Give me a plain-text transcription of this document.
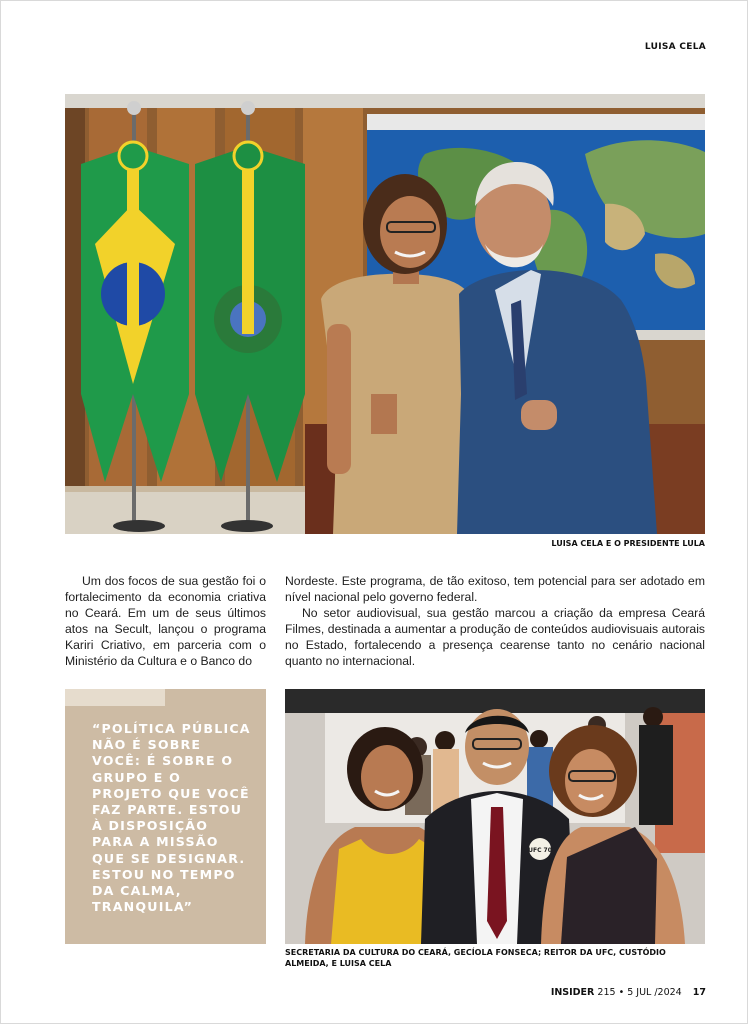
LUISA CELA
LUISA CELA E O PRESIDENTE LULA

Um dos focos de sua gestão foi o fortalecimento da economia criativa no Ceará. Em um de seus últimos atos na Secult, lançou o programa Kariri Criativo, em parceria com o Ministério da Cultura e o Banco do

Nordeste. Este programa, de tão exitoso, tem potencial para ser adotado em nível nacional pelo governo federal.

No setor audiovisual, sua gestão marcou a criação da empresa Ceará Filmes, destinada a aumentar a produção de conteúdos audiovisuais autorais no Estado, fortalecendo a presença cearense tanto no cenário nacional quanto no internacional.

“POLÍTICA PÚBLICA NÃO É SOBRE VOCÊ: É SOBRE O GRUPO E O PROJETO QUE VOCÊ FAZ PARTE. ESTOU À DISPOSIÇÃO PARA A MISSÃO QUE SE DESIGNAR. ESTOU NO TEMPO DA CALMA, TRANQUILA”
UFC 70
SECRETARIA DA CULTURA DO CEARÁ, GECÍOLA FONSECA; REITOR DA UFC, CUSTÓDIO ALMEIDA, E LUISA CELA
INSIDER 215 • 5 JUL /2024 17
